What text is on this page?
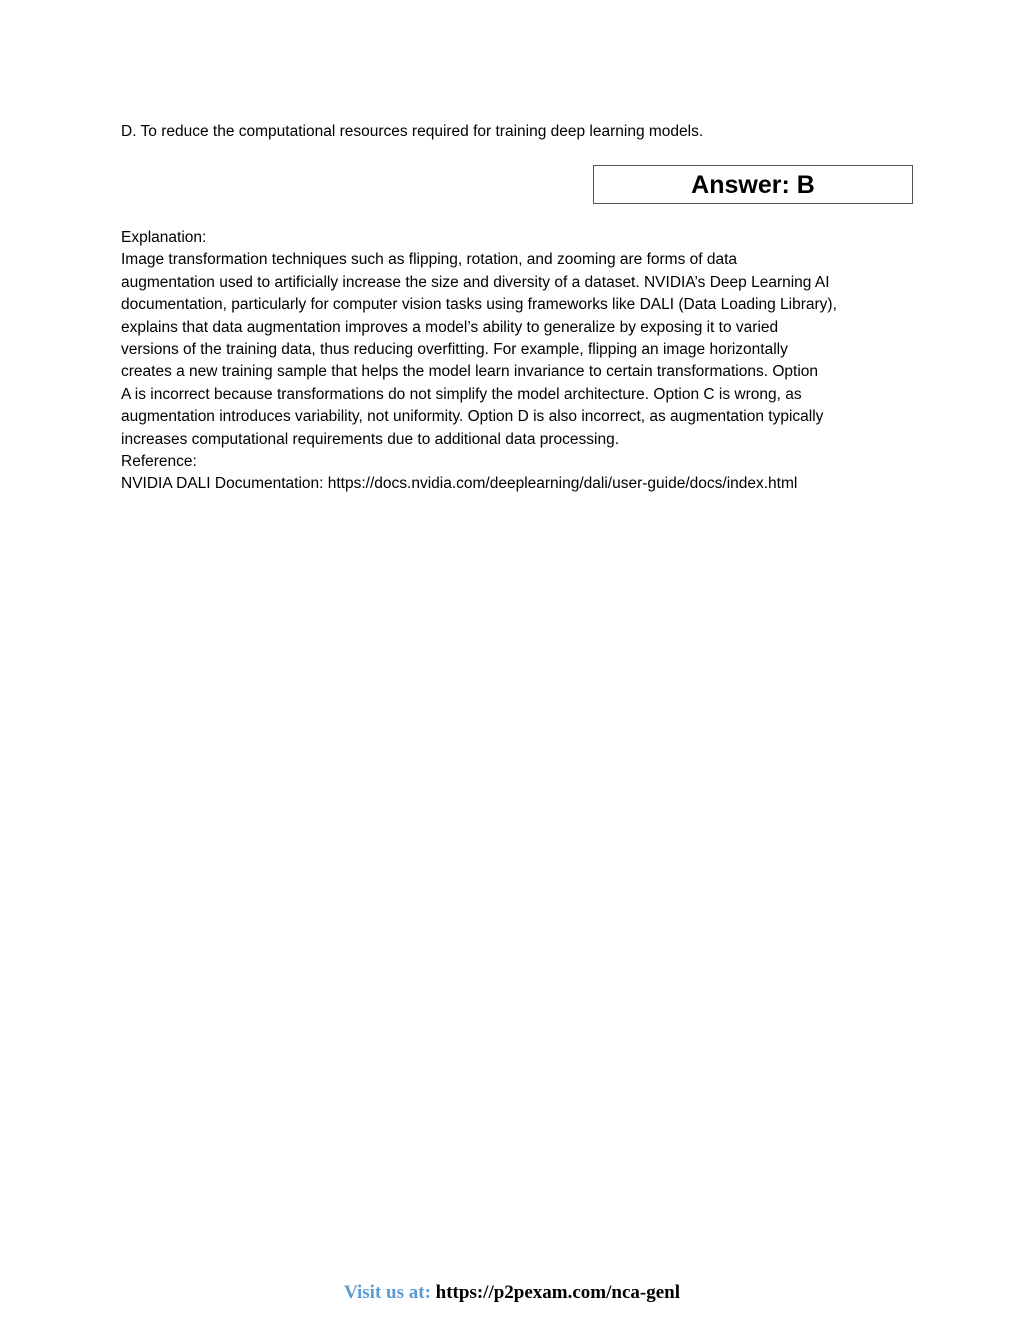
D. To reduce the computational resources required for training deep learning models.
Answer: B
Explanation:
Image transformation techniques such as flipping, rotation, and zooming are forms of data
augmentation used to artificially increase the size and diversity of a dataset. NVIDIA’s Deep Learning AI
documentation, particularly for computer vision tasks using frameworks like DALI (Data Loading Library),
explains that data augmentation improves a model’s ability to generalize by exposing it to varied
versions of the training data, thus reducing overfitting. For example, flipping an image horizontally
creates a new training sample that helps the model learn invariance to certain transformations. Option
A is incorrect because transformations do not simplify the model architecture. Option C is wrong, as
augmentation introduces variability, not uniformity. Option D is also incorrect, as augmentation typically
increases computational requirements due to additional data processing.
Reference:
NVIDIA DALI Documentation: https://docs.nvidia.com/deeplearning/dali/user-guide/docs/index.html
Visit us at: https://p2pexam.com/nca-genl
